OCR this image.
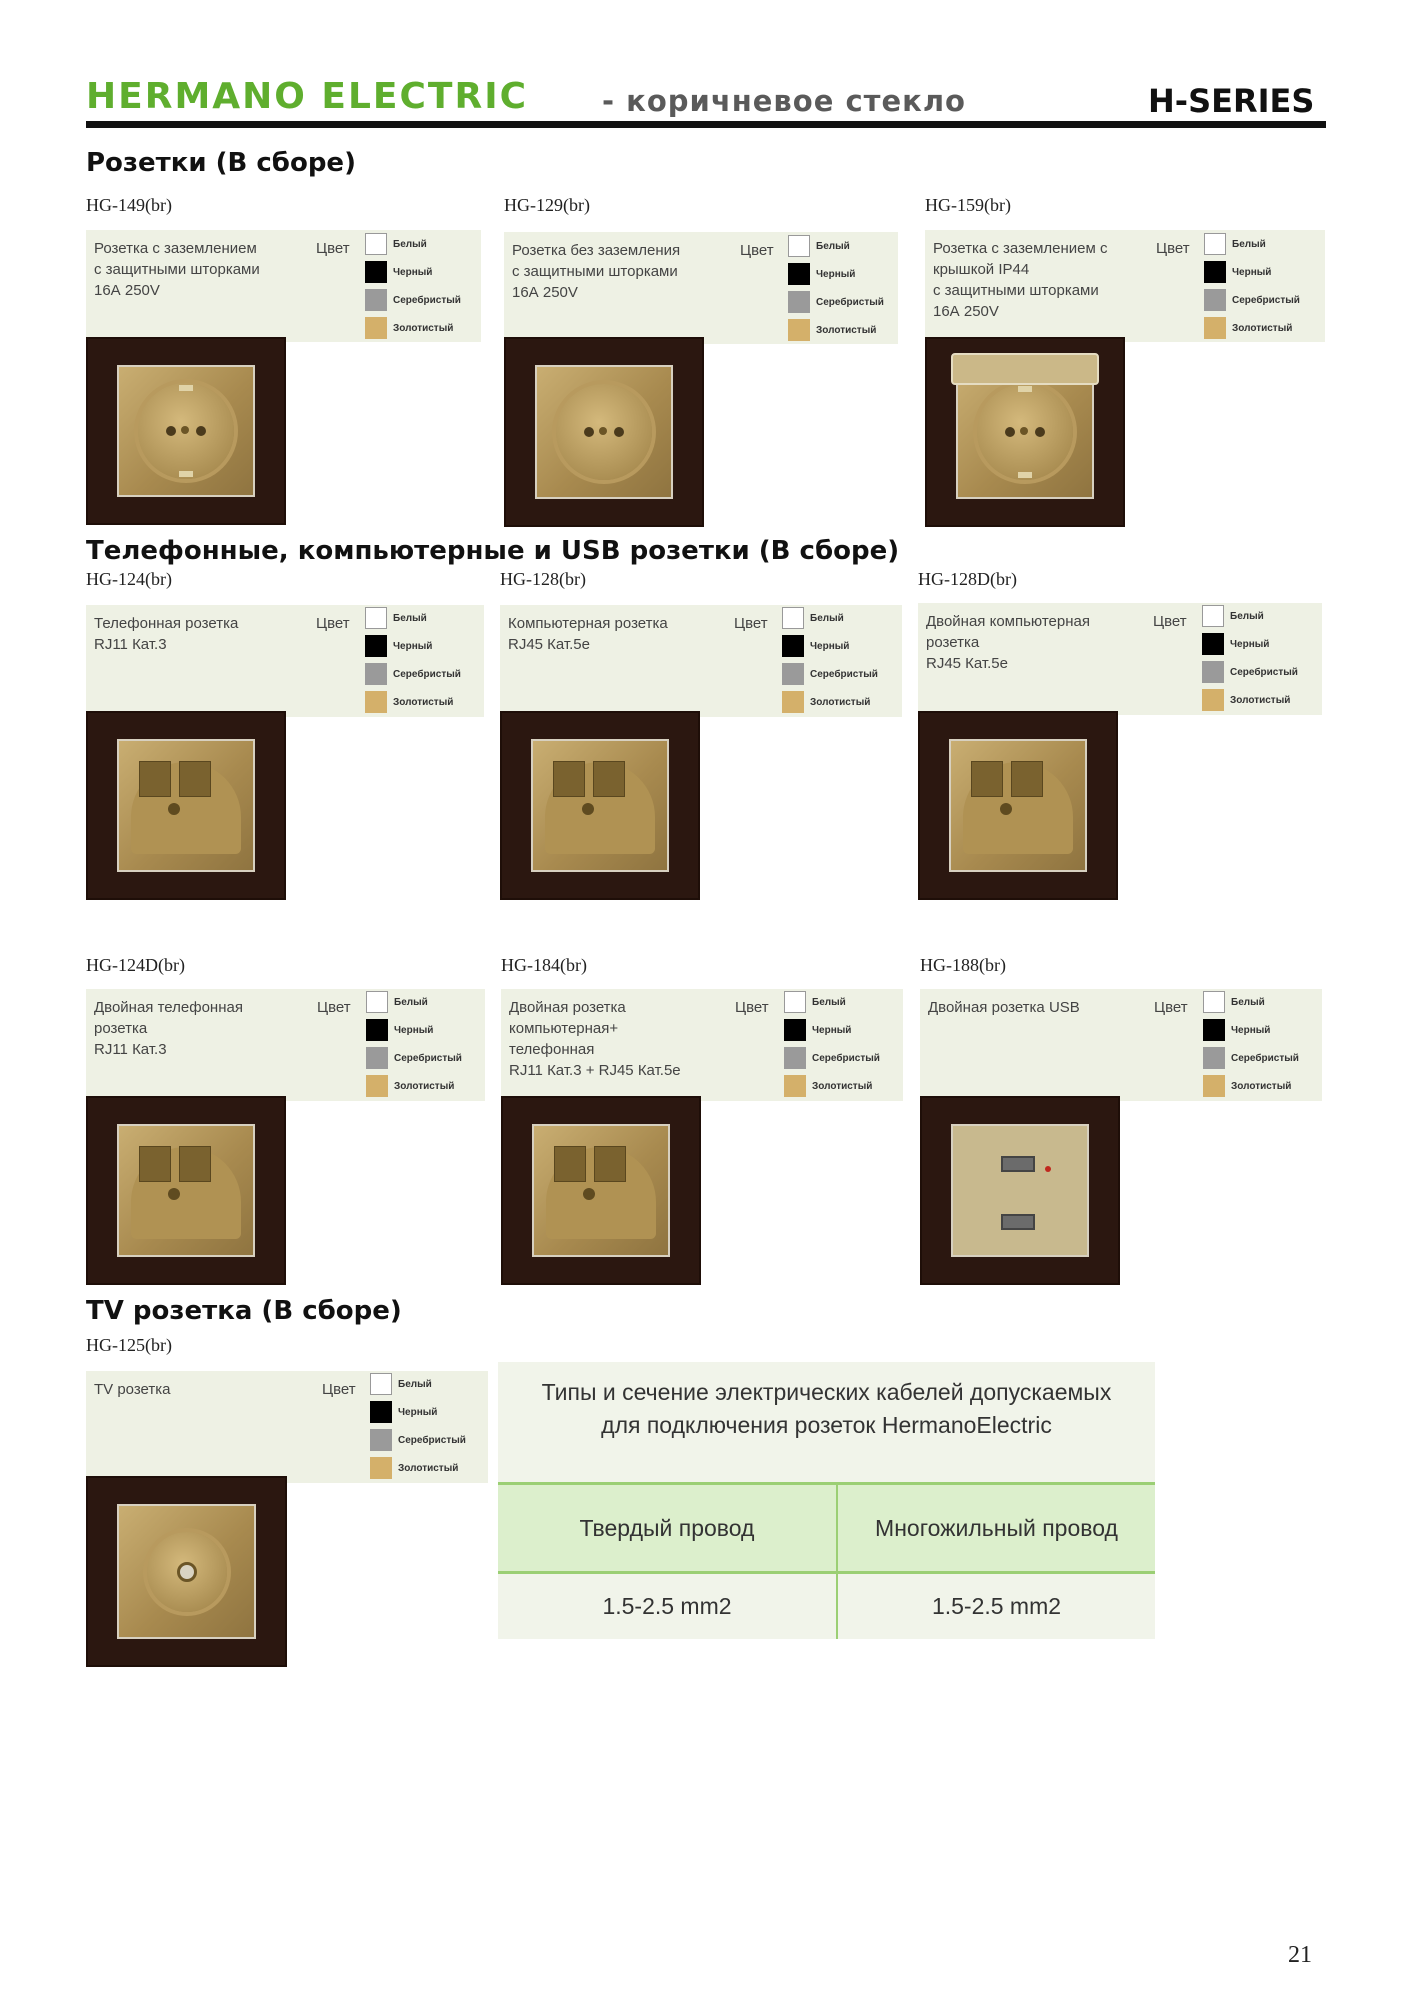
HERMANO ELECTRIC	- коричневое стекло	H-SERIES
Розетки (В сборе)
Телефонные, компьютерные и USB розетки (В сборе)
TV розетка (В сборе)
HG-149(br)
Розетка с заземлением
с защитными шторками
16А 250V
Цвет	Белый
Черный
Серебристый
Золотистый
HG-129(br)
Розетка без заземления
с защитными шторками
16А 250V
Цвет	Белый
Черный
Серебристый
Золотистый
HG-159(br)
Розетка с заземлением с
крышкой IP44
с защитными шторками
16А 250V
Цвет	Белый
Черный
Серебристый
Золотистый
HG-124(br)
Телефонная розетка
RJ11 Кат.3
Цвет	Белый
Черный
Серебристый
Золотистый
HG-128(br)
Компьютерная розетка
RJ45 Кат.5е
Цвет	Белый
Черный
Серебристый
Золотистый
HG-128D(br)
Двойная компьютерная
розетка
RJ45 Кат.5е
Цвет	Белый
Черный
Серебристый
Золотистый
HG-124D(br)
Двойная телефонная
розетка
RJ11 Кат.3
Цвет	Белый
Черный
Серебристый
Золотистый
HG-184(br)
Двойная розетка
компьютерная+
телефонная
RJ11 Кат.3 + RJ45 Кат.5е
Цвет	Белый
Черный
Серебристый
Золотистый
HG-188(br)
Двойная розетка USB	Цвет	Белый
Черный
Серебристый
Золотистый
HG-125(br)
TV розетка	Цвет	Белый
Черный
Серебристый
Золотистый
Типы и сечение электрических кабелей допускаемых
для подключения розеток HermanoElectric
Твердый провод	Многожильный провод
1.5-2.5 mm2	1.5-2.5 mm2
21
